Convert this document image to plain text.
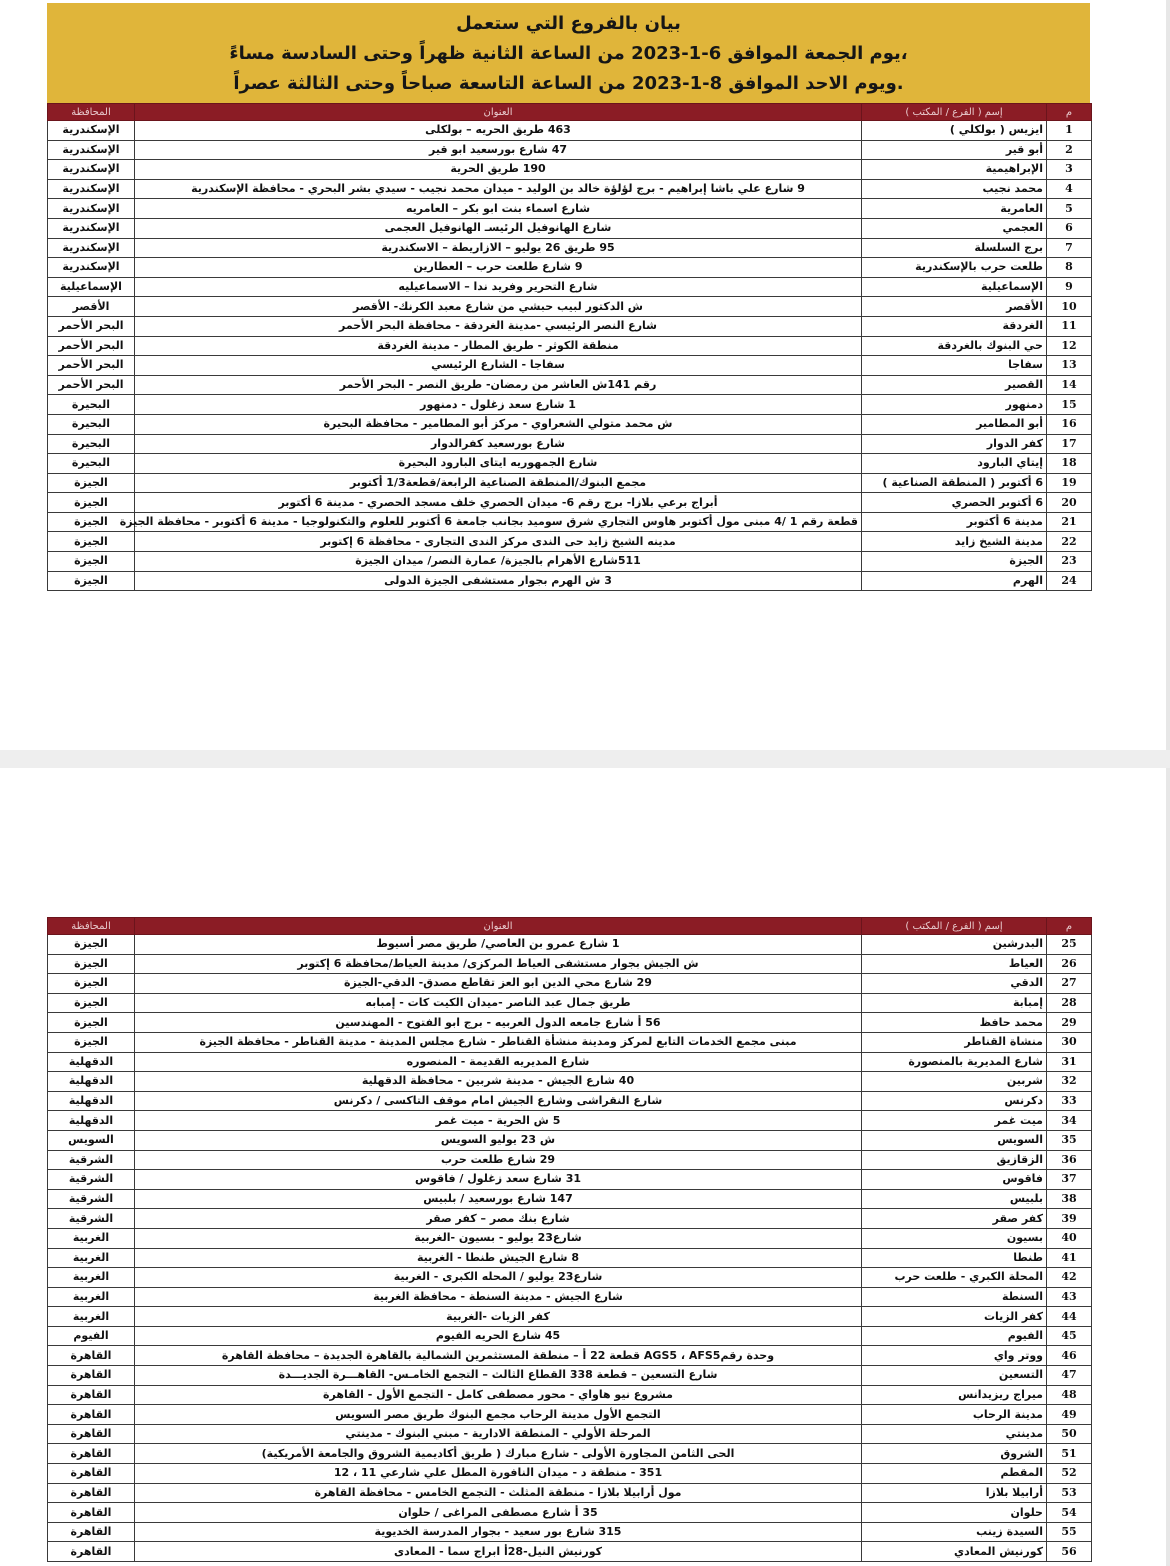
بيان بالفروع التي ستعمل
يوم الجمعة الموافق 6-1-2023 من الساعة الثانية ظهراً وحتى السادسة مساءً،
ويوم الاحد الموافق 8-1-2023 من الساعة التاسعة صباحاً وحتى الثالثة عصراً.
م	إسم ( الفرع / المكتب )	العنوان	المحافظة
1	ايزيس ( بولكلي )	463 طريق الحريه – بولكلى	الإسكندرية
2	أبو قير	47 شارع بورسعيد ابو قير	الإسكندرية
3	الإبراهيمية	190 طريق الحرية	الإسكندرية
4	محمد نجيب	9 شارع علي باشا إبراهيم - برج لؤلؤة خالد بن الوليد - ميدان محمد نجيب - سيدي بشر البحري - محافظة الإسكندرية	الإسكندرية
5	العامرية	شارع اسماء بنت ابو بكر – العامريه	الإسكندرية
6	العجمي	شارع الهانوفيل الرئيسـ الهانوفيل العجمى	الإسكندرية
7	برج السلسلة	95 طريق 26 يوليو – الازاريطة – الاسكندرية	الإسكندرية
8	طلعت حرب بالإسكندرية	9 شارع طلعت حرب – العطارين	الإسكندرية
9	الإسماعيلية	شارع التحرير وفريد ندا – الاسماعيليه	الإسماعيلية
10	الأقصر	ش الدكتور لبيب حبشي من شارع معبد الكرنك- الأقصر	الأقصر
11	الغردقة	شارع النصر الرئيسي -مدينة الغردقة - محافظة البحر الأحمر	البحر الأحمر
12	حي البنوك بالغردقة	منطقة الكوثر - طريق المطار - مدينة الغردقة	البحر الأحمر
13	سفاجا	سفاجا - الشارع الرئيسي	البحر الأحمر
14	القصير	رقم 141ش العاشر من رمضان- طريق النصر - البحر الأحمر	البحر الأحمر
15	دمنهور	1 شارع سعد زغلول - دمنهور	البحيرة
16	أبو المطامير	ش محمد متولي الشعراوي - مركز أبو المطامير - محافظة البحيرة	البحيرة
17	كفر الدوار	شارع بورسعيد كفرالدوار	البحيرة
18	إيتاي البارود	شارع الجمهوريه ايتاى البارود البحيرة	البحيرة
19	6 أكتوبر ( المنطقة الصناعية )	مجمع البنوك/المنطقة الصناعية الرابعة/قطعة1/3 أكتوبر	الجيزة
20	6 أكتوبر الحصري	أبراج برعي بلازا- برج رقم 6- ميدان الحصري خلف مسجد الحصري - مدينة 6 أكتوبر	الجيزة
21	مدينة 6 أكتوبر	قطعة رقم 1 /4 مبنى مول أكتوبر هاوس التجاري شرق سوميد بجانب جامعة 6 أكتوبر للعلوم والتكنولوجيا - مدينة 6 أكتوبر - محافظة الجيزة	الجيزة
22	مدينة الشيخ زايد	مدينه الشيخ زايد حى الندى مركز الندى التجارى - محافظة 6 إكتوبر	الجيزة
23	الجيزة	511شارع الأهرام بالجيزة/ عمارة النصر/ ميدان الجيزة	الجيزة
24	الهرم	3 ش الهرم بجوار مستشفى الجيزة الدولى	الجيزة
م	إسم ( الفرع / المكتب )	العنوان	المحافظة
25	البدرشين	1 شارع عمرو بن العاصي/ طريق مصر أسيوط	الجيزة
26	العياط	ش الجيش بجوار مستشفى العياط المركزى/ مدينة العياط/محافظة 6 إكتوبر	الجيزة
27	الدقي	29 شارع محي الدين ابو العز تقاطع مصدق- الدقي-الجيزة	الجيزة
28	إمبابة	طريق جمال عبد الناصر -ميدان الكيت كات - إمبابه	الجيزة
29	محمد حافظ	56 أ شارع جامعه الدول العربيه - برج ابو الفتوح - المهندسين	الجيزة
30	منشاة القناطر	مبنى مجمع الخدمات التابع لمركز ومدينة منشأة القناطر - شارع مجلس المدينة - مدينة القناطر - محافظة الجيزة	الجيزة
31	شارع المديرية بالمنصورة	شارع المديريه القديمة - المنصوره	الدقهلية
32	شربين	40 شارع الجيش - مدينة شربين - محافظة الدقهلية	الدقهلية
33	دكرنس	شارع النقراشى وشارع الجيش امام موقف التاكسى / دكرنس	الدقهلية
34	ميت غمر	5 ش الحرية - ميت غمر	الدقهلية
35	السويس	ش 23 يوليو السويس	السويس
36	الزقازيق	29 شارع طلعت حرب	الشرقية
37	فاقوس	31 شارع سعد زغلول / فاقوس	الشرقية
38	بلبيس	147 شارع بورسعيد / بلبيس	الشرقية
39	كفر صقر	شارع بنك مصر – كفر صقر	الشرقية
40	بسيون	شارع23 يوليو - بسيون -الغربية	الغربية
41	طنطا	8 شارع الجيش طنطا - الغربية	الغربية
42	المحلة الكبري - طلعت حرب	شارع23 يوليو / المحله الكبرى - الغربية	الغربية
43	السنطة	شارع الجيش - مدينة السنطة - محافظة الغربية	الغربية
44	كفر الزيات	كفر الزيات -الغربية	الغربية
45	الفيوم	45 شارع الحريه الفيوم	الفيوم
46	ووتر واي	وحدة رقمAGS5 ، AFS5 قطعة 22 أ – منطقة المستثمرين الشمالية بالقاهرة الجديدة – محافظة القاهرة	القاهرة
47	التسعين	شارع التسعين – قطعة 338 القطاع الثالث – التجمع الخامـس- القاهـــرة الجديـــدة	القاهرة
48	ميراج ريزيدانس	مشروع نيو هاواي - محور مصطفى كامل - التجمع الأول - القاهرة	القاهرة
49	مدينة الرحاب	التجمع الأول مدينة الرحاب مجمع البنوك طريق مصر السويس	القاهرة
50	مدينتي	المرحلة الأولي - المنطقة الادارية - مبني البنوك - مدينتي	القاهرة
51	الشروق	الحى الثامن المجاورة الأولى - شارع مبارك ( طريق أكاديمية الشروق والجامعة الأمريكية)	القاهرة
52	المقطم	351 - منطقة د - ميدان النافورة المطل علي شارعي 11 ، 12	القاهرة
53	أرابيلا بلازا	مول أرابيلا بلازا - منطقة المثلث - التجمع الخامس - محافظة القاهرة	القاهرة
54	حلوان	35 أ شارع مصطفى المراغى / حلوان	القاهرة
55	السيدة زينب	315 شارع بور سعيد - بجوار المدرسة الخديوية	القاهرة
56	كورنيش المعادي	كورنيش النيل-28أ ابراج سما - المعادى	القاهرة
